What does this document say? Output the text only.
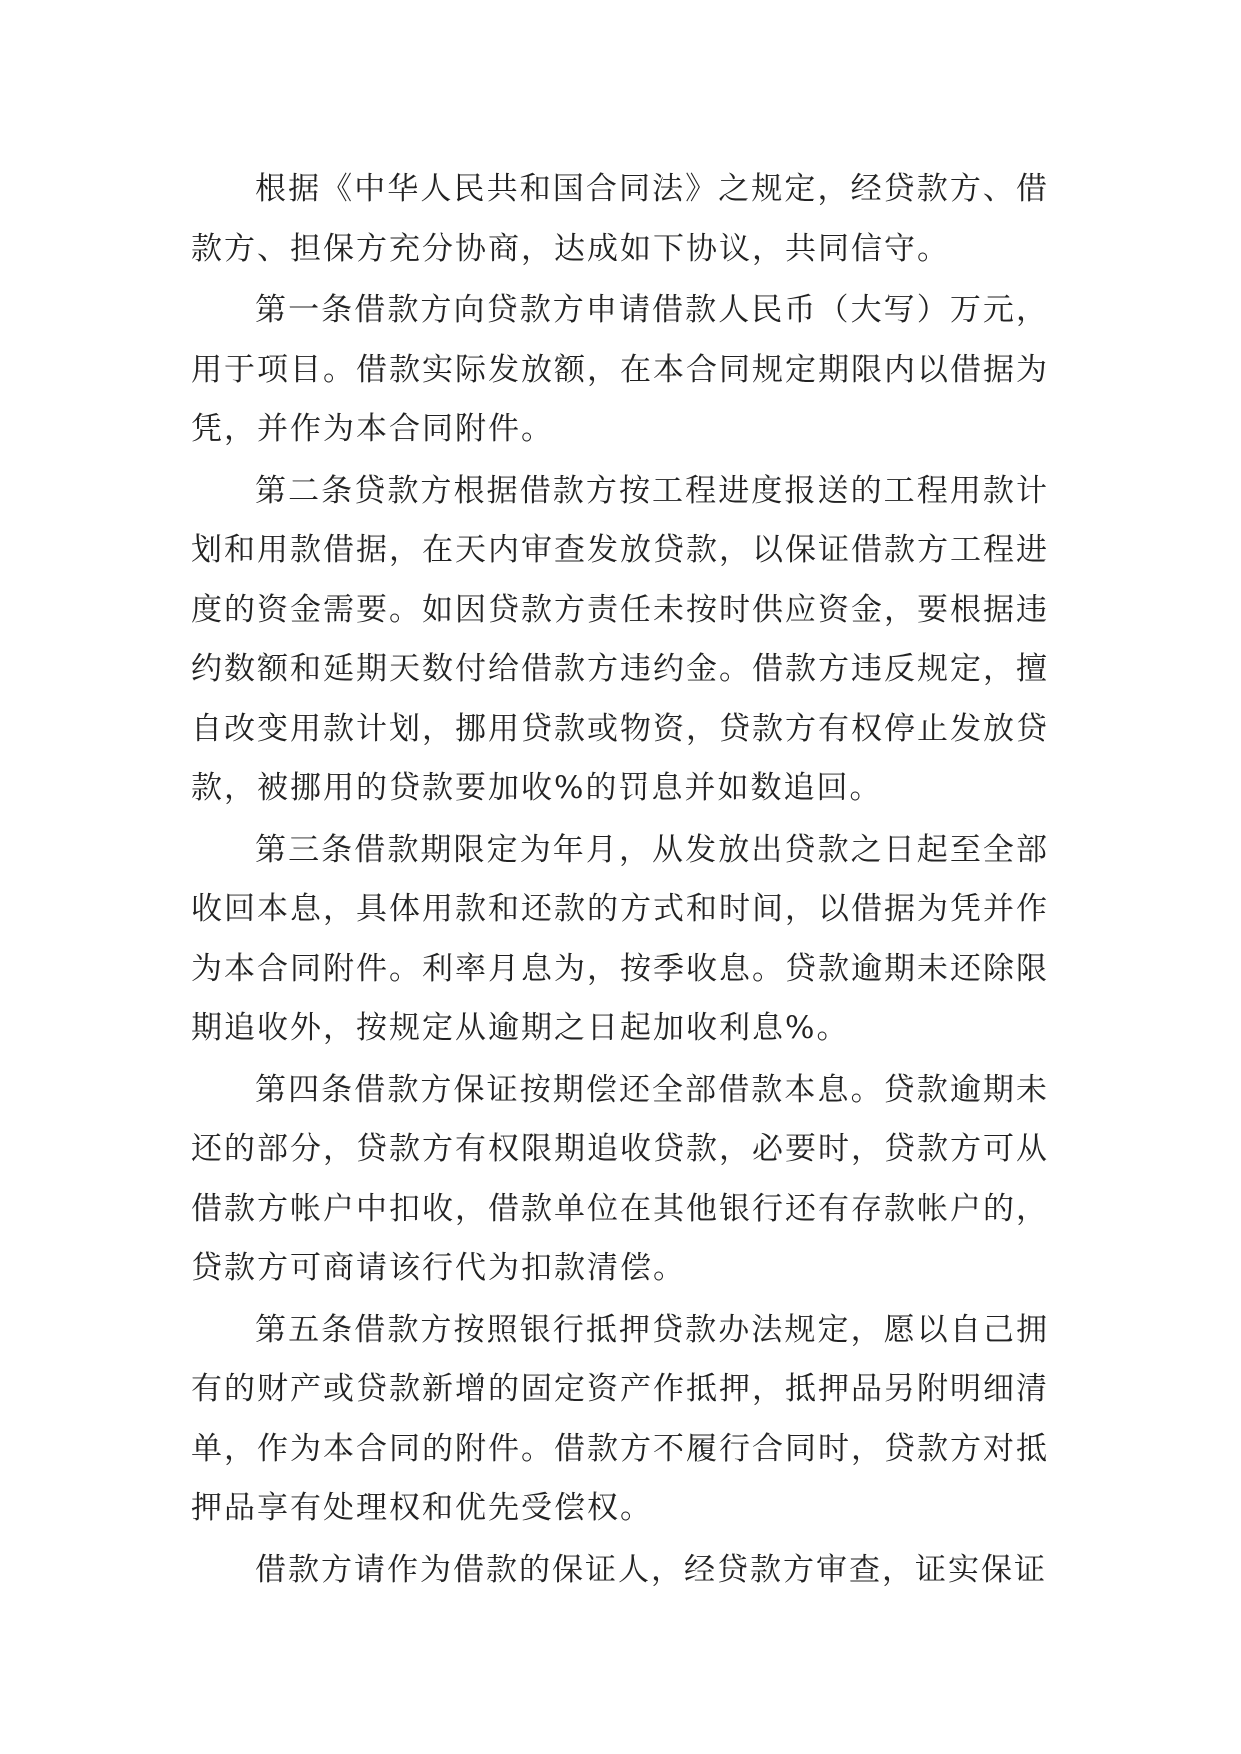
根据《中华人民共和国合同法》之规定，经贷款方、借款方、担保方充分协商，达成如下协议，共同信守。

第一条借款方向贷款方申请借款人民币（大写）万元，用于项目。借款实际发放额，在本合同规定期限内以借据为凭，并作为本合同附件。

第二条贷款方根据借款方按工程进度报送的工程用款计划和用款借据，在天内审查发放贷款，以保证借款方工程进度的资金需要。如因贷款方责任未按时供应资金，要根据违约数额和延期天数付给借款方违约金。借款方违反规定，擅自改变用款计划，挪用贷款或物资，贷款方有权停止发放贷款，被挪用的贷款要加收%的罚息并如数追回。

第三条借款期限定为年月，从发放出贷款之日起至全部收回本息，具体用款和还款的方式和时间，以借据为凭并作为本合同附件。利率月息为，按季收息。贷款逾期未还除限期追收外，按规定从逾期之日起加收利息%。

第四条借款方保证按期偿还全部借款本息。贷款逾期未还的部分，贷款方有权限期追收贷款，必要时，贷款方可从借款方帐户中扣收，借款单位在其他银行还有存款帐户的，贷款方可商请该行代为扣款清偿。

第五条借款方按照银行抵押贷款办法规定，愿以自己拥有的财产或贷款新增的固定资产作抵押，抵押品另附明细清单，作为本合同的附件。借款方不履行合同时，贷款方对抵押品享有处理权和优先受偿权。

借款方请作为借款的保证人，经贷款方审查，证实保证
